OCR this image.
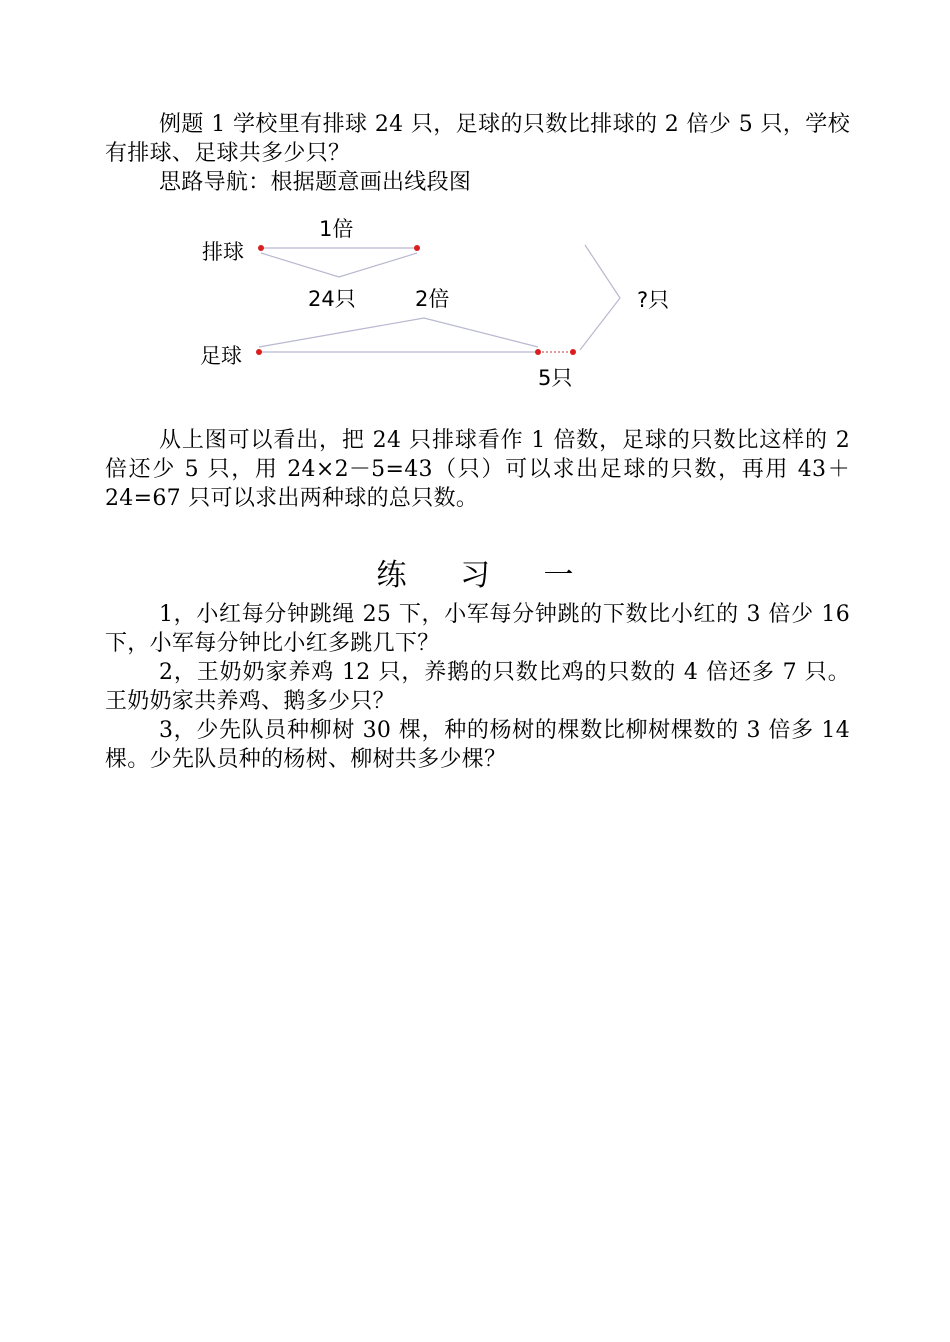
例题 1 学校里有排球 24 只，足球的只数比排球的 2 倍少 5 只，学校有排球、足球共多少只？

思路导航：根据题意画出线段图

排球
1倍
24只	2倍	?只
足球
5只

从上图可以看出，把 24 只排球看作 1 倍数，足球的只数比这样的 2 倍还少 5 只，用 24×2－5=43（只）可以求出足球的只数，再用 43＋24=67 只可以求出两种球的总只数。

练 习 一

1，小红每分钟跳绳 25 下，小军每分钟跳的下数比小红的 3 倍少 16 下，小军每分钟比小红多跳几下？

2，王奶奶家养鸡 12 只，养鹅的只数比鸡的只数的 4 倍还多 7 只。王奶奶家共养鸡、鹅多少只？

3，少先队员种柳树 30 棵，种的杨树的棵数比柳树棵数的 3 倍多 14 棵。少先队员种的杨树、柳树共多少棵？
